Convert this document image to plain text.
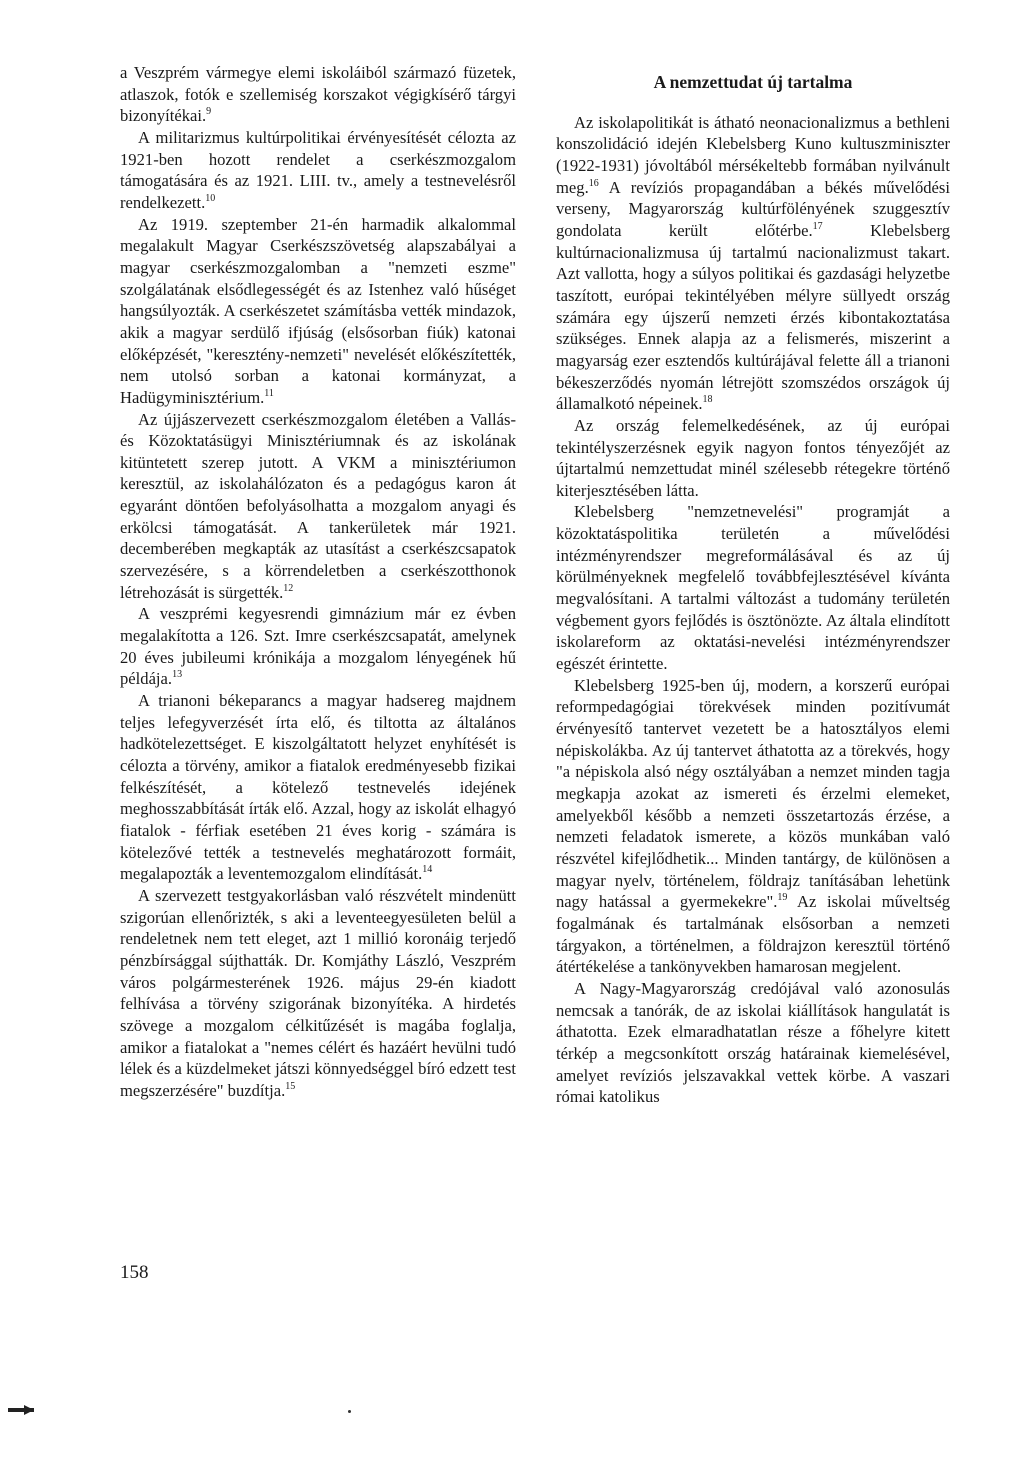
a Veszprém vármegye elemi iskoláiból származó füzetek, atlaszok, fotók e szellemiség korszakot végigkísérő tárgyi bizonyítékai.$^9$

A militarizmus kultúrpolitikai érvényesítését célozta az 1921-ben hozott rendelet a cserkészmozgalom támogatására és az 1921. LIII. tv., amely a testnevelésről rendelkezett.$^{10}$

Az 1919. szeptember 21-én harmadik alkalommal megalakult Magyar Cserkészszövetség alapszabályai a magyar cserkészmozgalomban a "nemzeti eszme" szolgálatának elsődlegességét és az Istenhez való hűséget hangsúlyozták. A cserkészetet számításba vették mindazok, akik a magyar serdülő ifjúság (elsősorban fiúk) katonai előképzését, "keresztény-nemzeti" nevelését előkészítették, nem utolsó sorban a katonai kormányzat, a Hadügyminisztérium.$^{11}$

Az újjászervezett cserkészmozgalom életében a Vallás- és Közoktatásügyi Minisztériumnak és az iskolának kitüntetett szerep jutott. A VKM a minisztériumon keresztül, az iskolahálózaton és a pedagógus karon át egyaránt döntően befolyásolhatta a mozgalom anyagi és erkölcsi támogatását. A tankerületek már 1921. decemberében megkapták az utasítást a cserkészcsapatok szervezésére, s a körrendeletben a cserkészotthonok létrehozását is sürgették.$^{12}$

A veszprémi kegyesrendi gimnázium már ez évben megalakította a 126. Szt. Imre cserkészcsapatát, amelynek 20 éves jubileumi krónikája a mozgalom lényegének hű példája.$^{13}$

A trianoni békeparancs a magyar hadsereg majdnem teljes lefegyverzését írta elő, és tiltotta az általános hadkötelezettséget. E kiszolgáltatott helyzet enyhítését is célozta a törvény, amikor a fiatalok eredményesebb fizikai felkészítését, a kötelező testnevelés idejének meghosszabbítását írták elő. Azzal, hogy az iskolát elhagyó fiatalok - férfiak esetében 21 éves korig - számára is kötelezővé tették a testnevelés meghatározott formáit, megalapozták a leventemozgalom elindítását.$^{14}$

A szervezett testgyakorlásban való részvételt mindenütt szigorúan ellenőrizték, s aki a leventeegyesületen belül a rendeletnek nem tett eleget, azt 1 millió koronáig terjedő pénzbírsággal sújthatták. Dr. Komjáthy László, Veszprém város polgármesterének 1926. május 29-én kiadott felhívása a törvény szigorának bizonyítéka. A hirdetés szövege a mozgalom célkitűzését is magába foglalja, amikor a fiatalokat a "nemes célért és hazáért hevülni tudó lélek és a küzdelmeket játszi könnyedséggel bíró edzett test megszerzésére" buzdítja.$^{15}$

A nemzettudat új tartalma

Az iskolapolitikát is átható neonacionalizmus a bethleni konszolidáció idején Klebelsberg Kuno kultuszminiszter (1922-1931) jóvoltából mérsékeltebb formában nyilvánult meg.$^{16}$ A revíziós propagandában a békés művelődési verseny, Magyarország kultúrfölényének szuggesztív gondolata került előtérbe.$^{17}$ Klebelsberg kultúrnacionalizmusa új tartalmú nacionalizmust takart. Azt vallotta, hogy a súlyos politikai és gazdasági helyzetbe taszított, európai tekintélyében mélyre süllyedt ország számára egy újszerű nemzeti érzés kibontakoztatása szükséges. Ennek alapja az a felismerés, miszerint a magyarság ezer esztendős kultúrájával felette áll a trianoni békeszerződés nyomán létrejött szomszédos országok új államalkotó népeinek.$^{18}$

Az ország felemelkedésének, az új európai tekintélyszerzésnek egyik nagyon fontos tényezőjét az újtartalmú nemzettudat minél szélesebb rétegekre történő kiterjesztésében látta.

Klebelsberg "nemzetnevelési" programját a közoktatáspolitika területén a művelődési intézményrendszer megreformálásával és az új körülményeknek megfelelő továbbfejlesztésével kívánta megvalósítani. A tartalmi változást a tudomány területén végbement gyors fejlődés is ösztönözte. Az általa elindított iskolareform az oktatási-nevelési intézményrendszer egészét érintette.

Klebelsberg 1925-ben új, modern, a korszerű európai reformpedagógiai törekvések minden pozitívumát érvényesítő tantervet vezetett be a hatosztályos elemi népiskolákba. Az új tantervet áthatotta az a törekvés, hogy "a népiskola alsó négy osztályában a nemzet minden tagja megkapja azokat az ismereti és érzelmi elemeket, amelyekből később a nemzeti összetartozás érzése, a nemzeti feladatok ismerete, a közös munkában való részvétel kifejlődhetik... Minden tantárgy, de különösen a magyar nyelv, történelem, földrajz tanításában lehetünk nagy hatással a gyermekekre".$^{19}$ Az iskolai műveltség fogalmának és tartalmának elsősorban a nemzeti tárgyakon, a történelmen, a földrajzon keresztül történő átértékelése a tankönyvekben hamarosan megjelent.

A Nagy-Magyarország credójával való azonosulás nemcsak a tanórák, de az iskolai kiállítások hangulatát is áthatotta. Ezek elmaradhatatlan része a főhelyre kitett térkép a megcsonkított ország határainak kiemelésével, amelyet revíziós jelszavakkal vettek körbe. A vaszari római katolikus

158
